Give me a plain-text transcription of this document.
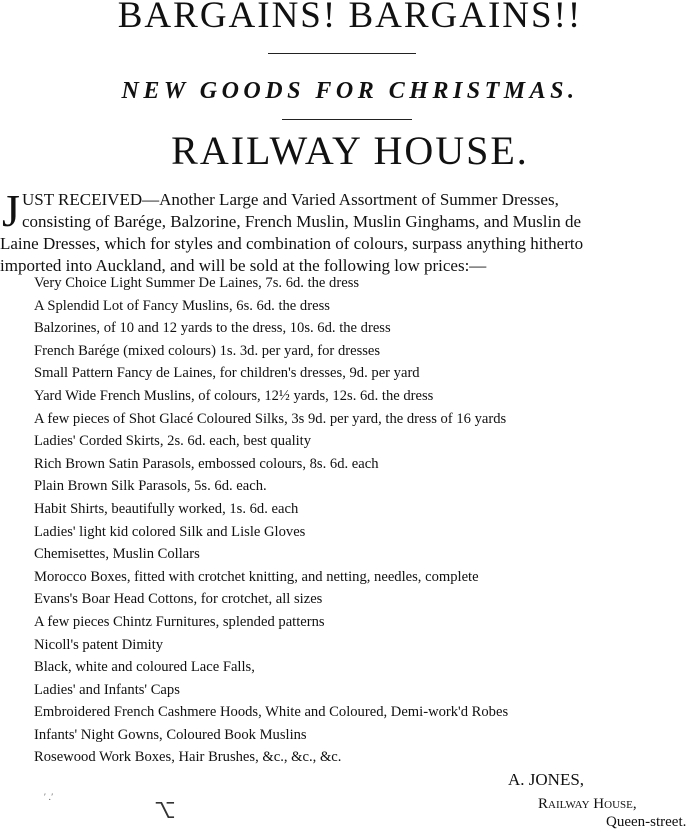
BARGAINS! BARGAINS!!
NEW GOODS FOR CHRISTMAS.
RAILWAY HOUSE.
J UST RECEIVED—Another Large and Varied Assortment of Summer Dresses,
consisting of Barége, Balzorine, French Muslin, Muslin Ginghams, and Muslin de
Laine Dresses, which for styles and combination of colours, surpass anything hitherto
imported into Auckland, and will be sold at the following low prices:—
Very Choice Light Summer De Laines, 7s. 6d. the dress
A Splendid Lot of Fancy Muslins, 6s. 6d. the dress
Balzorines, of 10 and 12 yards to the dress, 10s. 6d. the dress
French Barége (mixed colours) 1s. 3d. per yard, for dresses
Small Pattern Fancy de Laines, for children's dresses, 9d. per yard
Yard Wide French Muslins, of colours, 12½ yards, 12s. 6d. the dress
A few pieces of Shot Glacé Coloured Silks, 3s 9d. per yard, the dress of 16 yards
Ladies' Corded Skirts, 2s. 6d. each, best quality
Rich Brown Satin Parasols, embossed colours, 8s. 6d. each
Plain Brown Silk Parasols, 5s. 6d. each.
Habit Shirts, beautifully worked, 1s. 6d. each
Ladies' light kid colored Silk and Lisle Gloves
Chemisettes, Muslin Collars
Morocco Boxes, fitted with crotchet knitting, and netting, needles, complete
Evans's Boar Head Cottons, for crotchet, all sizes
A few pieces Chintz Furnitures, splended patterns
Nicoll's patent Dimity
Black, white and coloured Lace Falls,
Ladies' and Infants' Caps
Embroidered French Cashmere Hoods, White and Coloured, Demi-work'd Robes
Infants' Night Gowns, Coloured Book Muslins
Rosewood Work Boxes, Hair Brushes, &c., &c., &c.
A. JONES,
Railway House,
Queen-street.
′ ․′
⌥
